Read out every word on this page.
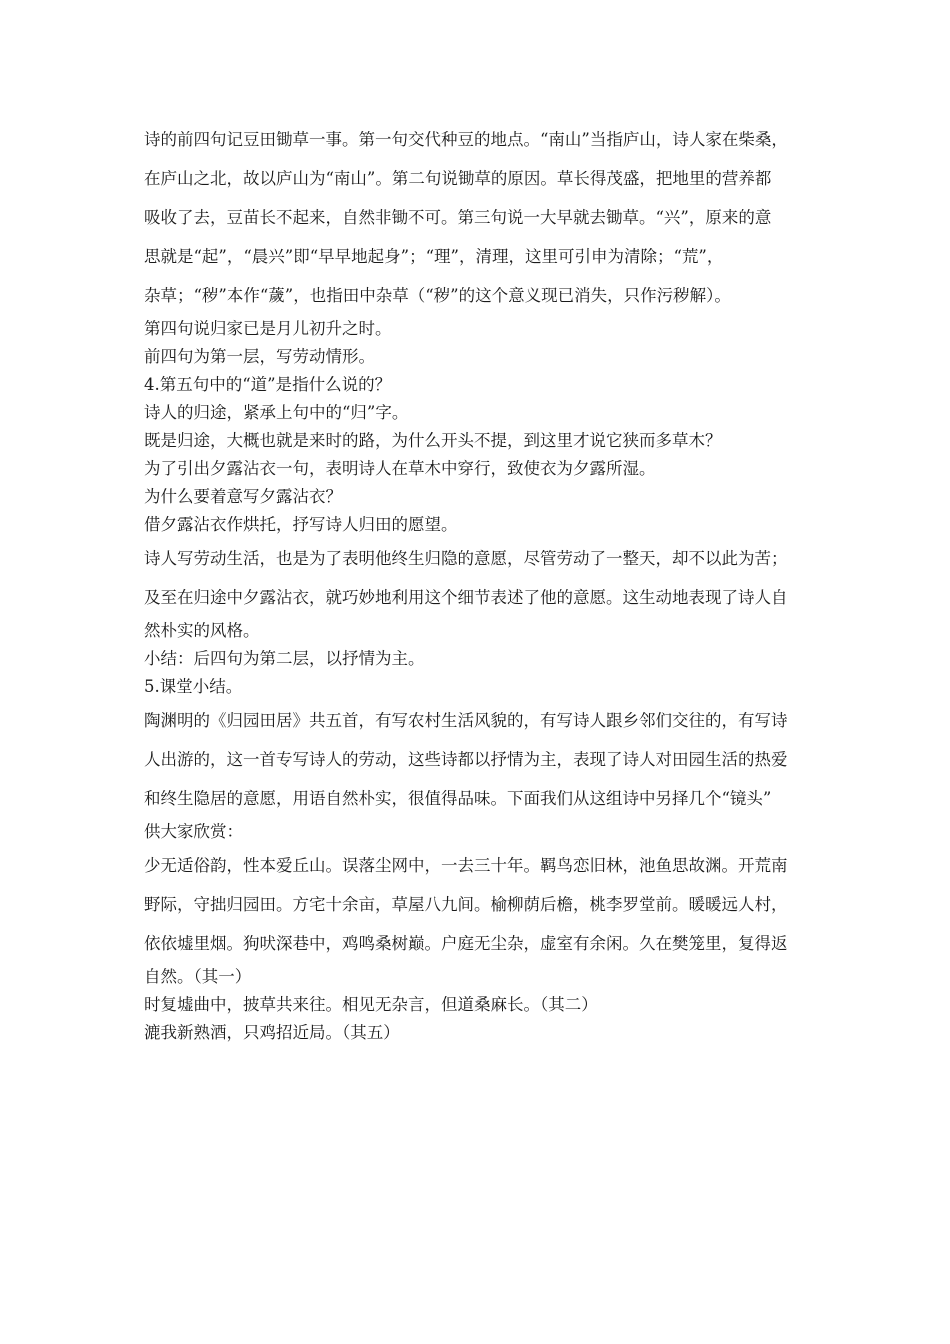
诗的前四句记豆田锄草一事。第一句交代种豆的地点。“南山”当指庐山，诗人家在柴桑，

在庐山之北，故以庐山为“南山”。第二句说锄草的原因。草长得茂盛，把地里的营养都

吸收了去，豆苗长不起来，自然非锄不可。第三句说一大早就去锄草。“兴”，原来的意

思就是“起”，“晨兴”即“早早地起身”；“理”，清理，这里可引申为清除；“荒”，

杂草；“秽”本作“薉”，也指田中杂草（“秽”的这个意义现已消失，只作污秽解）。

第四句说归家已是月儿初升之时。

前四句为第一层，写劳动情形。

4.第五句中的“道”是指什么说的？

诗人的归途，紧承上句中的“归”字。

既是归途，大概也就是来时的路，为什么开头不提，到这里才说它狭而多草木？

为了引出夕露沾衣一句，表明诗人在草木中穿行，致使衣为夕露所湿。

为什么要着意写夕露沾衣？

借夕露沾衣作烘托，抒写诗人归田的愿望。

诗人写劳动生活，也是为了表明他终生归隐的意愿，尽管劳动了一整天，却不以此为苦；

及至在归途中夕露沾衣，就巧妙地利用这个细节表述了他的意愿。这生动地表现了诗人自

然朴实的风格。

小结：后四句为第二层，以抒情为主。

5.课堂小结。

陶渊明的《归园田居》共五首，有写农村生活风貌的，有写诗人跟乡邻们交往的，有写诗

人出游的，这一首专写诗人的劳动，这些诗都以抒情为主，表现了诗人对田园生活的热爱

和终生隐居的意愿，用语自然朴实，很值得品味。下面我们从这组诗中另择几个“镜头”

供大家欣赏：

少无适俗韵，性本爱丘山。误落尘网中，一去三十年。羁鸟恋旧林，池鱼思故渊。开荒南

野际，守拙归园田。方宅十余亩，草屋八九间。榆柳荫后檐，桃李罗堂前。暖暖远人村，

依依墟里烟。狗吠深巷中，鸡鸣桑树巅。户庭无尘杂，虚室有余闲。久在樊笼里，复得返

自然。（其一）

时复墟曲中，披草共来往。相见无杂言，但道桑麻长。（其二）

漉我新熟酒，只鸡招近局。（其五）
